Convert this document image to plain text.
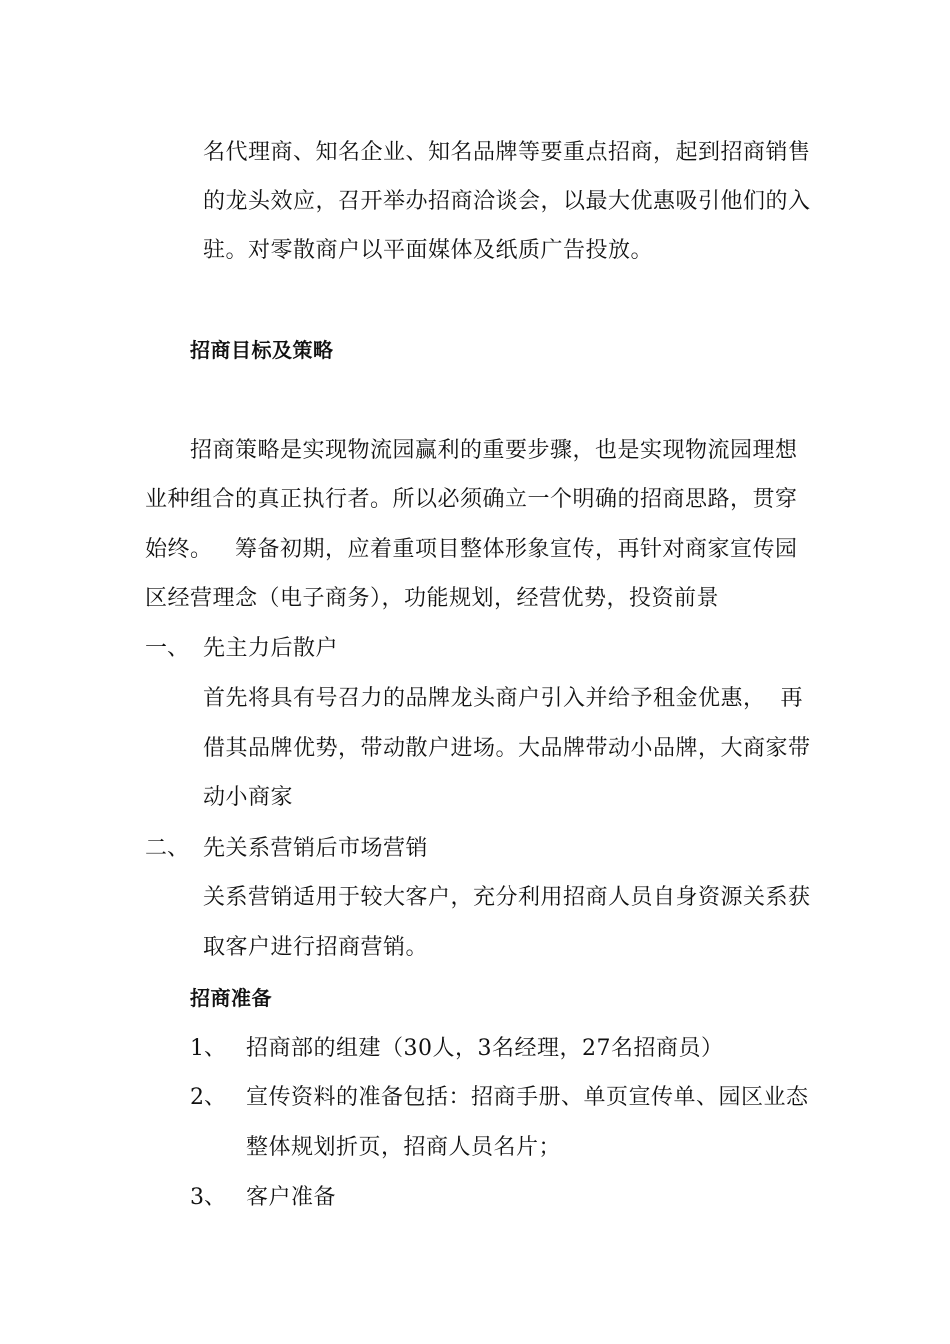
名代理商、知名企业、知名品牌等要重点招商，起到招商销售
的龙头效应，召开举办招商洽谈会，以最大优惠吸引他们的入
驻。对零散商户以平面媒体及纸质广告投放。
招商目标及策略
招商策略是实现物流园赢利的重要步骤，也是实现物流园理想
业种组合的真正执行者。所以必须确立一个明确的招商思路，贯穿
始终。   筹备初期，应着重项目整体形象宣传，再针对商家宣传园
区经营理念（电子商务），功能规划，经营优势，投资前景
一、 先主力后散户
首先将具有号召力的品牌龙头商户引入并给予租金优惠，  再
借其品牌优势，带动散户进场。大品牌带动小品牌，大商家带
动小商家
二、 先关系营销后市场营销
关系营销适用于较大客户，充分利用招商人员自身资源关系获
取客户进行招商营销。
招商准备
1、 招商部的组建（30人，3名经理，27名招商员）
2、 宣传资料的准备包括：招商手册、单页宣传单、园区业态
整体规划折页，招商人员名片；
3、 客户准备
